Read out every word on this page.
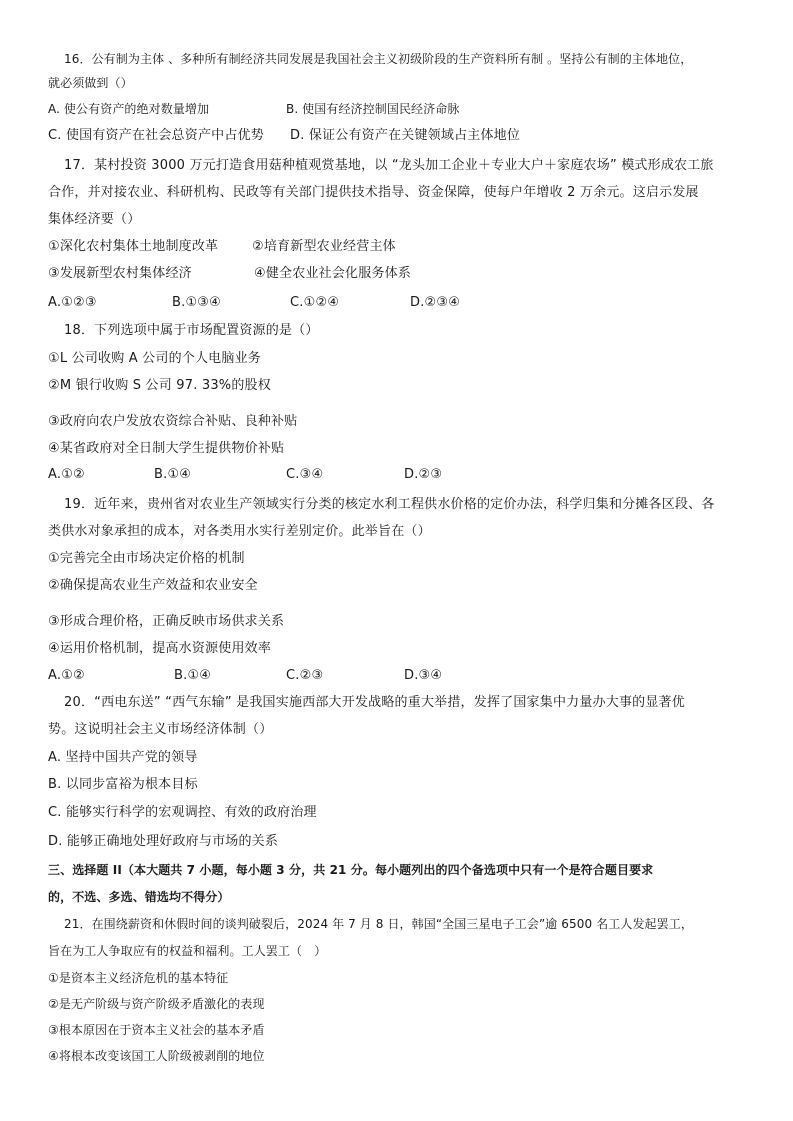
16．公有制为主体 、多种所有制经济共同发展是我国社会主义初级阶段的生产资料所有制 。坚持公有制的主体地位，
就必须做到（）
A. 使公有资产的绝对数量增加	B. 使国有经济控制国民经济命脉
C. 使国有资产在社会总资产中占优势 D. 保证公有资产在关键领域占主体地位
17．某村投资 3000 万元打造食用菇种植观赏基地，以 “龙头加工企业＋专业大户＋家庭农场” 模式形成农工旅
合作，并对接农业、科研机构、民政等有关部门提供技术指导、资金保障，使每户年增收 2 万余元。这启示发展
集体经济要（）
①深化农村集体土地制度改革	②培育新型农业经营主体
③发展新型农村集体经济	④健全农业社会化服务体系
A.①②③	B.①③④	C.①②④	D.②③④
18．下列选项中属于市场配置资源的是（）
①L 公司收购 A 公司的个人电脑业务
②M 银行收购 S 公司 97. 33%的股权
③政府向农户发放农资综合补贴、良种补贴
④某省政府对全日制大学生提供物价补贴
A.①②	B.①④	C.③④	D.②③
19．近年来，贵州省对农业生产领域实行分类的核定水利工程供水价格的定价办法，科学归集和分摊各区段、各
类供水对象承担的成本，对各类用水实行差别定价。此举旨在（）
①完善完全由市场决定价格的机制
②确保提高农业生产效益和农业安全
③形成合理价格，正确反映市场供求关系
④运用价格机制，提高水资源使用效率
A.①②	B.①④	C.②③	D.③④
20．“西电东送” “西气东输” 是我国实施西部大开发战略的重大举措，发挥了国家集中力量办大事的显著优
势。这说明社会主义市场经济体制（）
A. 坚持中国共产党的领导
B. 以同步富裕为根本目标
C. 能够实行科学的宏观调控、有效的政府治理
D. 能够正确地处理好政府与市场的关系
三、选择题 II（本大题共 7 小题，每小题 3 分，共 21 分。每小题列出的四个备选项中只有一个是符合题目要求
的，不选、多选、错选均不得分）
21．在围绕薪资和休假时间的谈判破裂后，2024 年 7 月 8 日，韩国“全国三星电子工会”逾 6500 名工人发起罢工，
旨在为工人争取应有的权益和福利。工人罢工（　）
①是资本主义经济危机的基本特征
②是无产阶级与资产阶级矛盾激化的表现
③根本原因在于资本主义社会的基本矛盾
④将根本改变该国工人阶级被剥削的地位
